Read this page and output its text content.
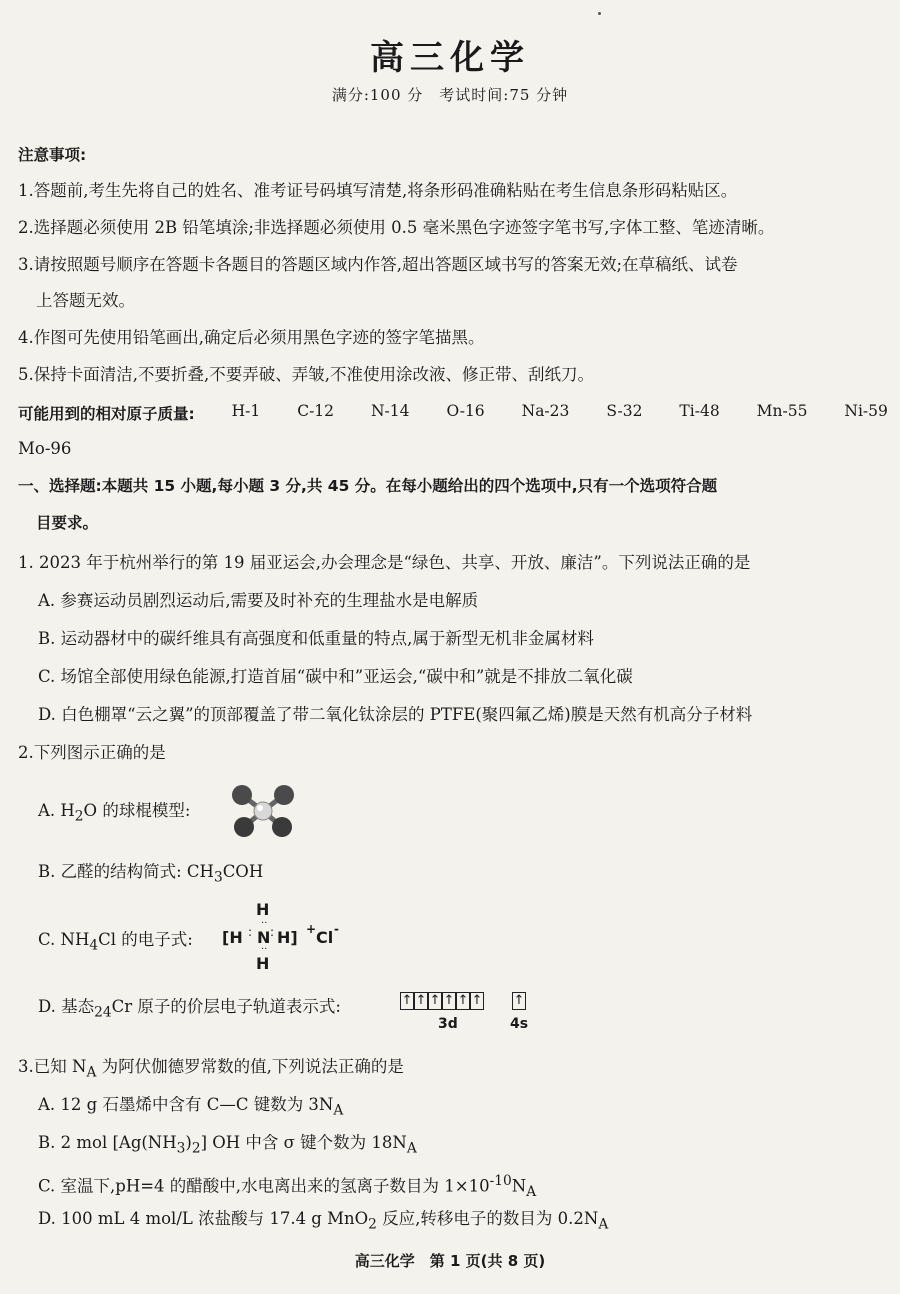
高三化学
满分:100 分　考试时间:75 分钟
注意事项:
1.答题前,考生先将自己的姓名、准考证号码填写清楚,将条形码准确粘贴在考生信息条形码粘贴区。
2.选择题必须使用 2B 铅笔填涂;非选择题必须使用 0.5 毫米黑色字迹签字笔书写,字体工整、笔迹清晰。
3.请按照题号顺序在答题卡各题目的答题区域内作答,超出答题区域书写的答案无效;在草稿纸、试卷
上答题无效。
4.作图可先使用铅笔画出,确定后必须用黑色字迹的签字笔描黑。
5.保持卡面清洁,不要折叠,不要弄破、弄皱,不准使用涂改液、修正带、刮纸刀。
可能用到的相对原子质量: H-1 C-12 N-14 O-16 Na-23 S-32 Ti-48 Mn-55 Ni-59
Mo-96
一、选择题:本题共 15 小题,每小题 3 分,共 45 分。在每小题给出的四个选项中,只有一个选项符合题
目要求。
1. 2023 年于杭州举行的第 19 届亚运会,办会理念是“绿色、共享、开放、廉洁”。下列说法正确的是
A. 参赛运动员剧烈运动后,需要及时补充的生理盐水是电解质
B. 运动器材中的碳纤维具有高强度和低重量的特点,属于新型无机非金属材料
C. 场馆全部使用绿色能源,打造首届“碳中和”亚运会,“碳中和”就是不排放二氧化碳
D. 白色棚罩“云之翼”的顶部覆盖了带二氧化钛涂层的 PTFE(聚四氟乙烯)膜是天然有机高分子材料
2.下列图示正确的是
A. $H_2O$ 的球棍模型:
B. 乙醛的结构简式: $CH_3COH$
C. $NH_4Cl$ 的电子式:
H
··
[H : N : H] + Cl -
··
H
D. 基态$_{24}$Cr 原子的价层电子轨道表示式:	↑ ↑ ↑ ↑ ↑ ↑ ↑
3d	4s
3.已知 $N_A$ 为阿伏伽德罗常数的值,下列说法正确的是
A. 12 g 石墨烯中含有 C—C 键数为 $3N_A$
B. 2 mol $[Ag(NH_3)_2]$ OH 中含 σ 键个数为 $18N_A$
C. 室温下,pH=4 的醋酸中,水电离出来的氢离子数目为 $1\times 10^{-10}N_A$
D. 100 mL 4 mol/L 浓盐酸与 17.4 g MnO$_2$ 反应,转移电子的数目为 $0.2N_A$
高三化学　第 1 页(共 8 页)
